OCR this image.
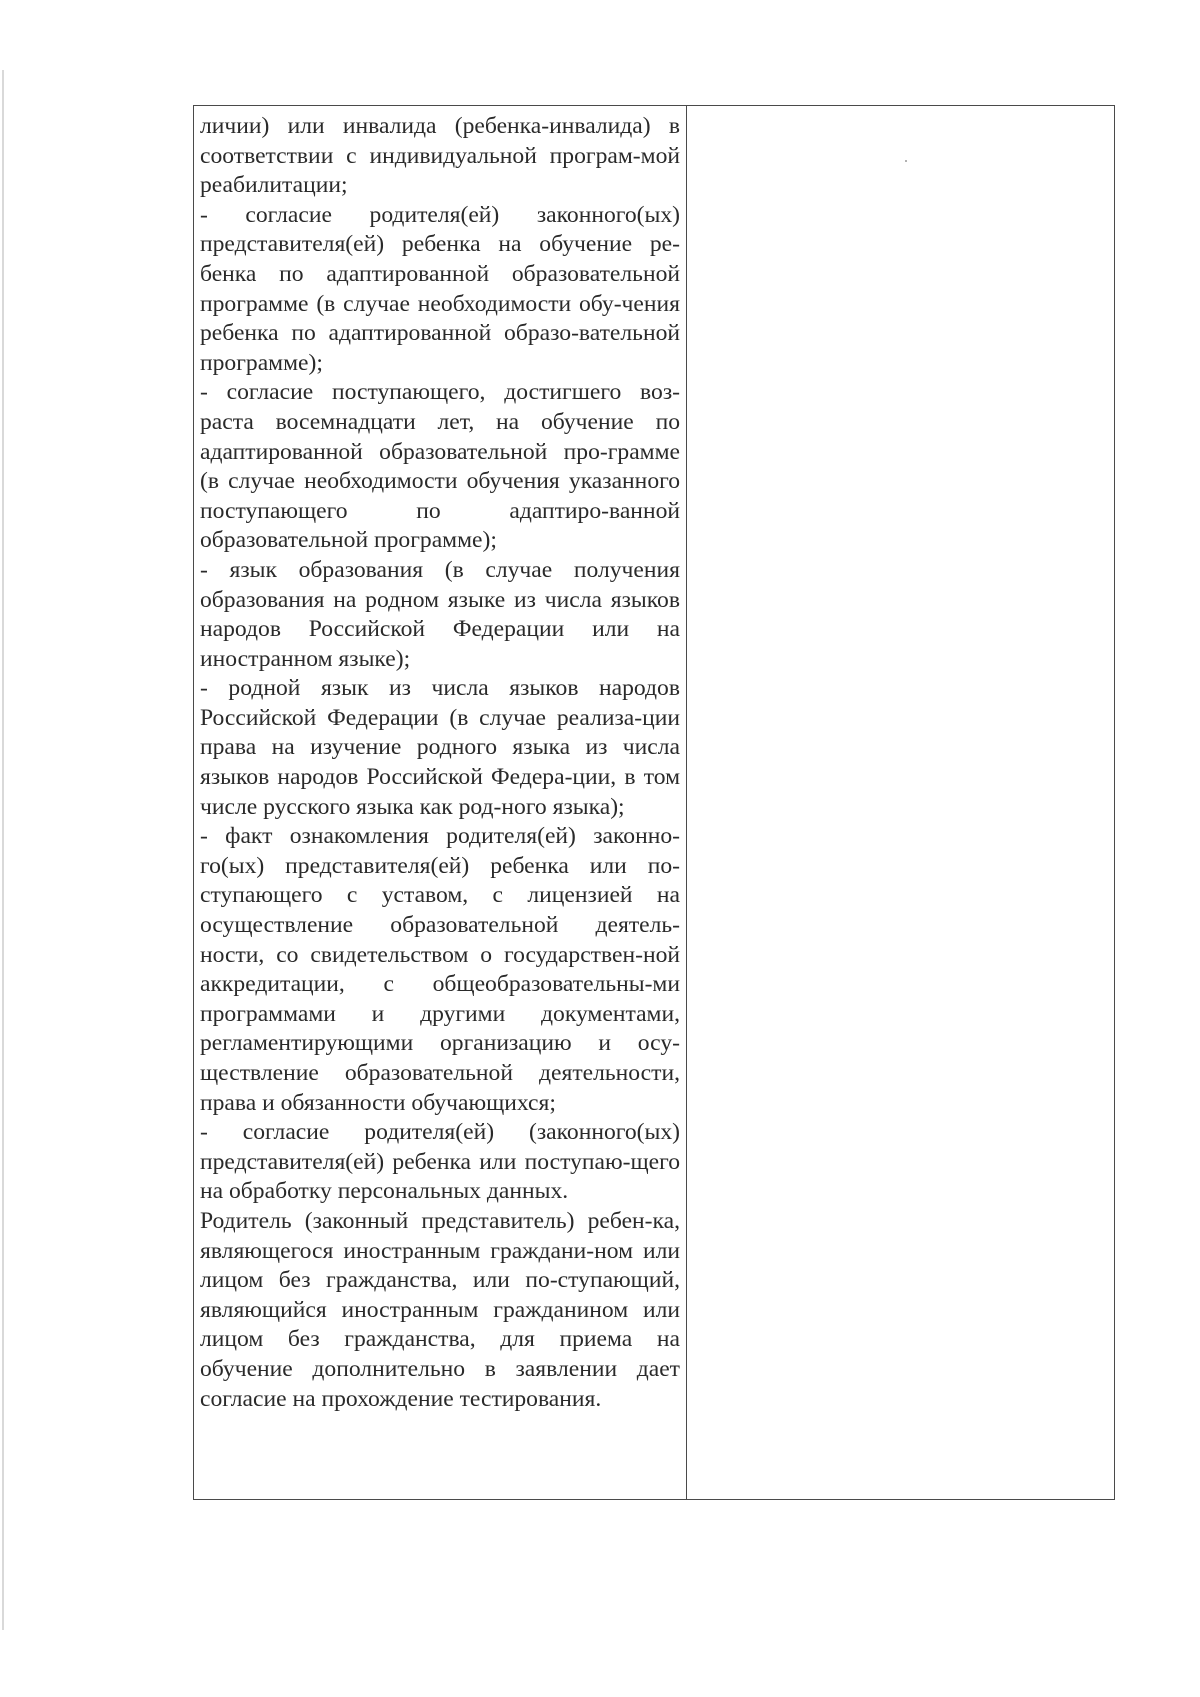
личии) или инвалида (ребенка-инвалида) в соответствии с индивидуальной програм-мой реабилитации;

- согласие родителя(ей) законного(ых) представителя(ей) ребенка на обучение ре-бенка по адаптированной образовательной программе (в случае необходимости обу-чения ребенка по адаптированной образо-вательной программе);

- согласие поступающего, достигшего воз-раста восемнадцати лет, на обучение по адаптированной образовательной про-грамме (в случае необходимости обучения указанного поступающего по адаптиро-ванной образовательной программе);

- язык образования (в случае получения образования на родном языке из числа языков народов Российской Федерации или на иностранном языке);

- родной язык из числа языков народов Российской Федерации (в случае реализа-ции права на изучение родного языка из числа языков народов Российской Федера-ции, в том числе русского языка как род-ного языка);

- факт ознакомления родителя(ей) законно-го(ых) представителя(ей) ребенка или по-ступающего с уставом, с лицензией на осуществление образовательной деятель-ности, со свидетельством о государствен-ной аккредитации, с общеобразовательны-ми программами и другими документами, регламентирующими организацию и осу-ществление образовательной деятельности, права и обязанности обучающихся;

- согласие родителя(ей) (законного(ых) представителя(ей) ребенка или поступаю-щего на обработку персональных данных.

Родитель (законный представитель) ребен-ка, являющегося иностранным граждани-ном или лицом без гражданства, или по-ступающий, являющийся иностранным гражданином или лицом без гражданства, для приема на обучение дополнительно в заявлении дает согласие на прохождение тестирования.
